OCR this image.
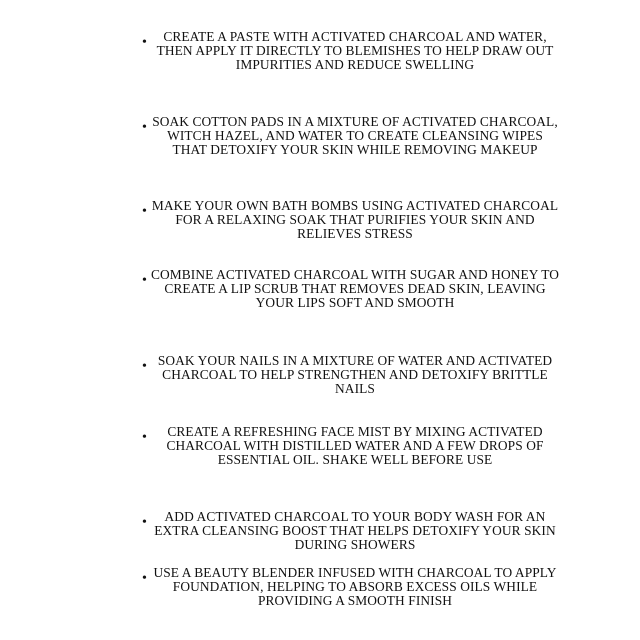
•	CREATE A PASTE WITH ACTIVATED CHARCOAL AND WATER, THEN APPLY IT DIRECTLY TO BLEMISHES TO HELP DRAW OUT IMPURITIES AND REDUCE SWELLING
• SOAK COTTON PADS IN A MIXTURE OF ACTIVATED CHARCOAL, WITCH HAZEL, AND WATER TO CREATE CLEANSING WIPES THAT DETOXIFY YOUR SKIN WHILE REMOVING MAKEUP
• MAKE YOUR OWN BATH BOMBS USING ACTIVATED CHARCOAL FOR A RELAXING SOAK THAT PURIFIES YOUR SKIN AND RELIEVES STRESS
• COMBINE ACTIVATED CHARCOAL WITH SUGAR AND HONEY TO CREATE A LIP SCRUB THAT REMOVES DEAD SKIN, LEAVING YOUR LIPS SOFT AND SMOOTH
• SOAK YOUR NAILS IN A MIXTURE OF WATER AND ACTIVATED CHARCOAL TO HELP STRENGTHEN AND DETOXIFY BRITTLE NAILS
•	CREATE A REFRESHING FACE MIST BY MIXING ACTIVATED CHARCOAL WITH DISTILLED WATER AND A FEW DROPS OF ESSENTIAL OIL. SHAKE WELL BEFORE USE
•	ADD ACTIVATED CHARCOAL TO YOUR BODY WASH FOR AN EXTRA CLEANSING BOOST THAT HELPS DETOXIFY YOUR SKIN DURING SHOWERS
• USE A BEAUTY BLENDER INFUSED WITH CHARCOAL TO APPLY FOUNDATION, HELPING TO ABSORB EXCESS OILS WHILE PROVIDING A SMOOTH FINISH
